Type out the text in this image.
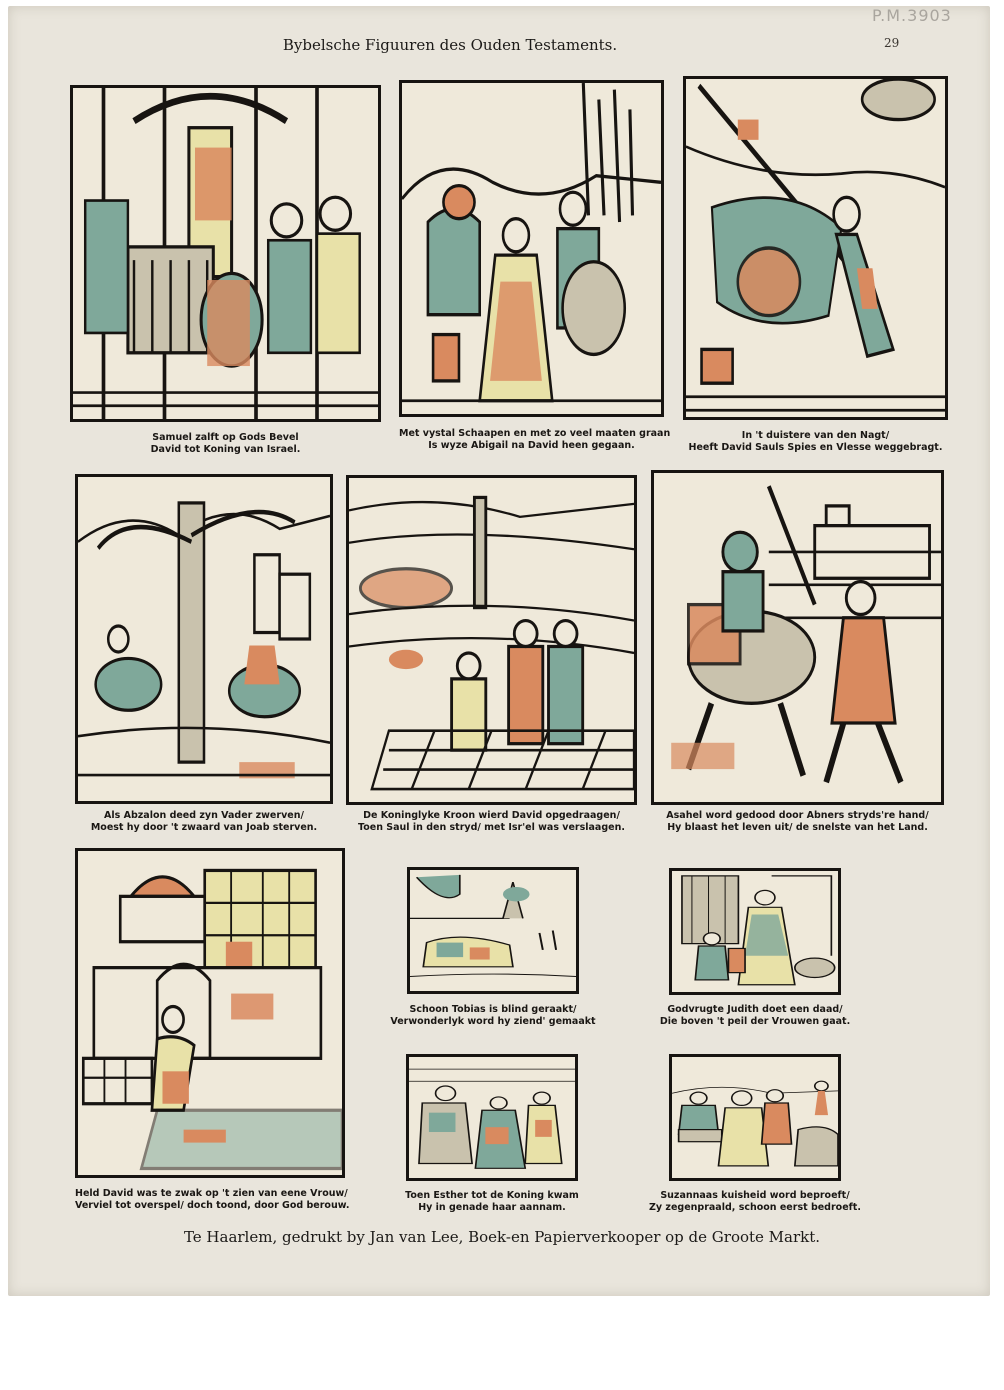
P.M.3903
Bybelsche Figuuren des Ouden Testaments.	29
Samuel zalft op Gods Bevel
David tot Koning van Israel.
Met vystal Schaapen en met zo veel maaten graan
Is wyze Abigail na David heen gegaan.
In 't duistere van den Nagt/
Heeft David Sauls Spies en Vlesse weggebragt.
Als Abzalon deed zyn Vader zwerven/
Moest hy door 't zwaard van Joab sterven.
De Koninglyke Kroon wierd David opgedraagen/
Toen Saul in den stryd/ met Isr'el was verslaagen.
Asahel word gedood door Abners stryds're hand/
Hy blaast het leven uit/ de snelste van het Land.
Held David was te zwak op 't zien van eene Vrouw/
Verviel tot overspel/ doch toond, door God berouw.
Schoon Tobias is blind geraakt/
Verwonderlyk word hy ziend' gemaakt
Godvrugte Judith doet een daad/
Die boven 't peil der Vrouwen gaat.
Toen Esther tot de Koning kwam
Hy in genade haar aannam.
Suzannaas kuisheid word beproeft/
Zy zegenpraald, schoon eerst bedroeft.
Te Haarlem, gedrukt by Jan van Lee, Boek-en Papierverkooper op de Groote Markt.
